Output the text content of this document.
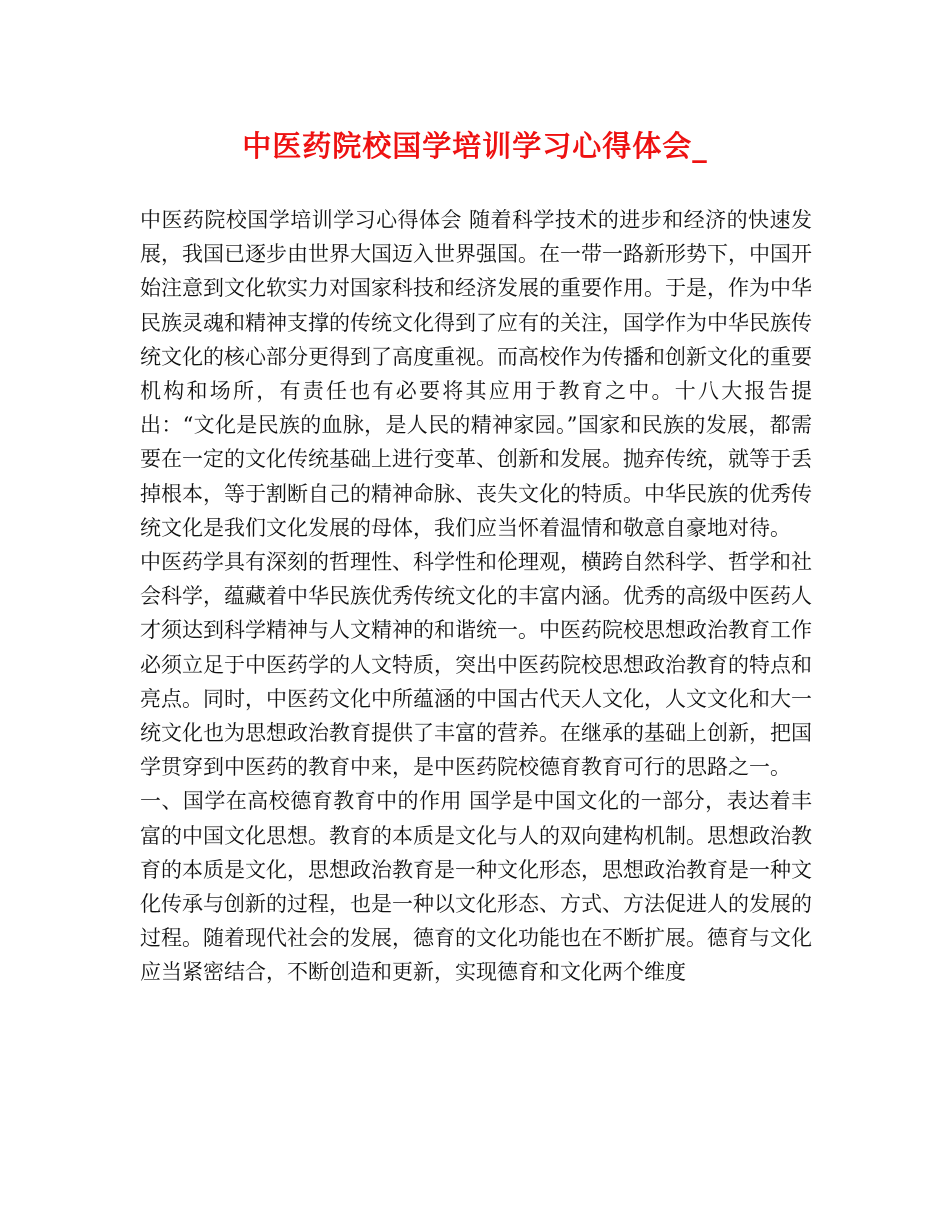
中医药院校国学培训学习心得体会_

中医药院校国学培训学习心得体会 随着科学技术的进步和经济的快速发展，我国已逐步由世界大国迈入世界强国。在一带一路新形势下，中国开始注意到文化软实力对国家科技和经济发展的重要作用。于是，作为中华民族灵魂和精神支撑的传统文化得到了应有的关注，国学作为中华民族传统文化的核心部分更得到了高度重视。而高校作为传播和创新文化的重要机构和场所，有责任也有必要将其应用于教育之中。十八大报告提出：“文化是民族的血脉，是人民的精神家园。”国家和民族的发展，都需要在一定的文化传统基础上进行变革、创新和发展。抛弃传统，就等于丢掉根本，等于割断自己的精神命脉、丧失文化的特质。中华民族的优秀传统文化是我们文化发展的母体，我们应当怀着温情和敬意自豪地对待。

中医药学具有深刻的哲理性、科学性和伦理观，横跨自然科学、哲学和社会科学，蕴藏着中华民族优秀传统文化的丰富内涵。优秀的高级中医药人才须达到科学精神与人文精神的和谐统一。中医药院校思想政治教育工作必须立足于中医药学的人文特质，突出中医药院校思想政治教育的特点和亮点。同时，中医药文化中所蕴涵的中国古代天人文化，人文文化和大一统文化也为思想政治教育提供了丰富的营养。在继承的基础上创新，把国学贯穿到中医药的教育中来，是中医药院校德育教育可行的思路之一。

一、国学在高校德育教育中的作用 国学是中国文化的一部分，表达着丰富的中国文化思想。教育的本质是文化与人的双向建构机制。思想政治教育的本质是文化，思想政治教育是一种文化形态，思想政治教育是一种文化传承与创新的过程，也是一种以文化形态、方式、方法促进人的发展的过程。随着现代社会的发展，德育的文化功能也在不断扩展。德育与文化应当紧密结合，不断创造和更新，实现德育和文化两个维度
